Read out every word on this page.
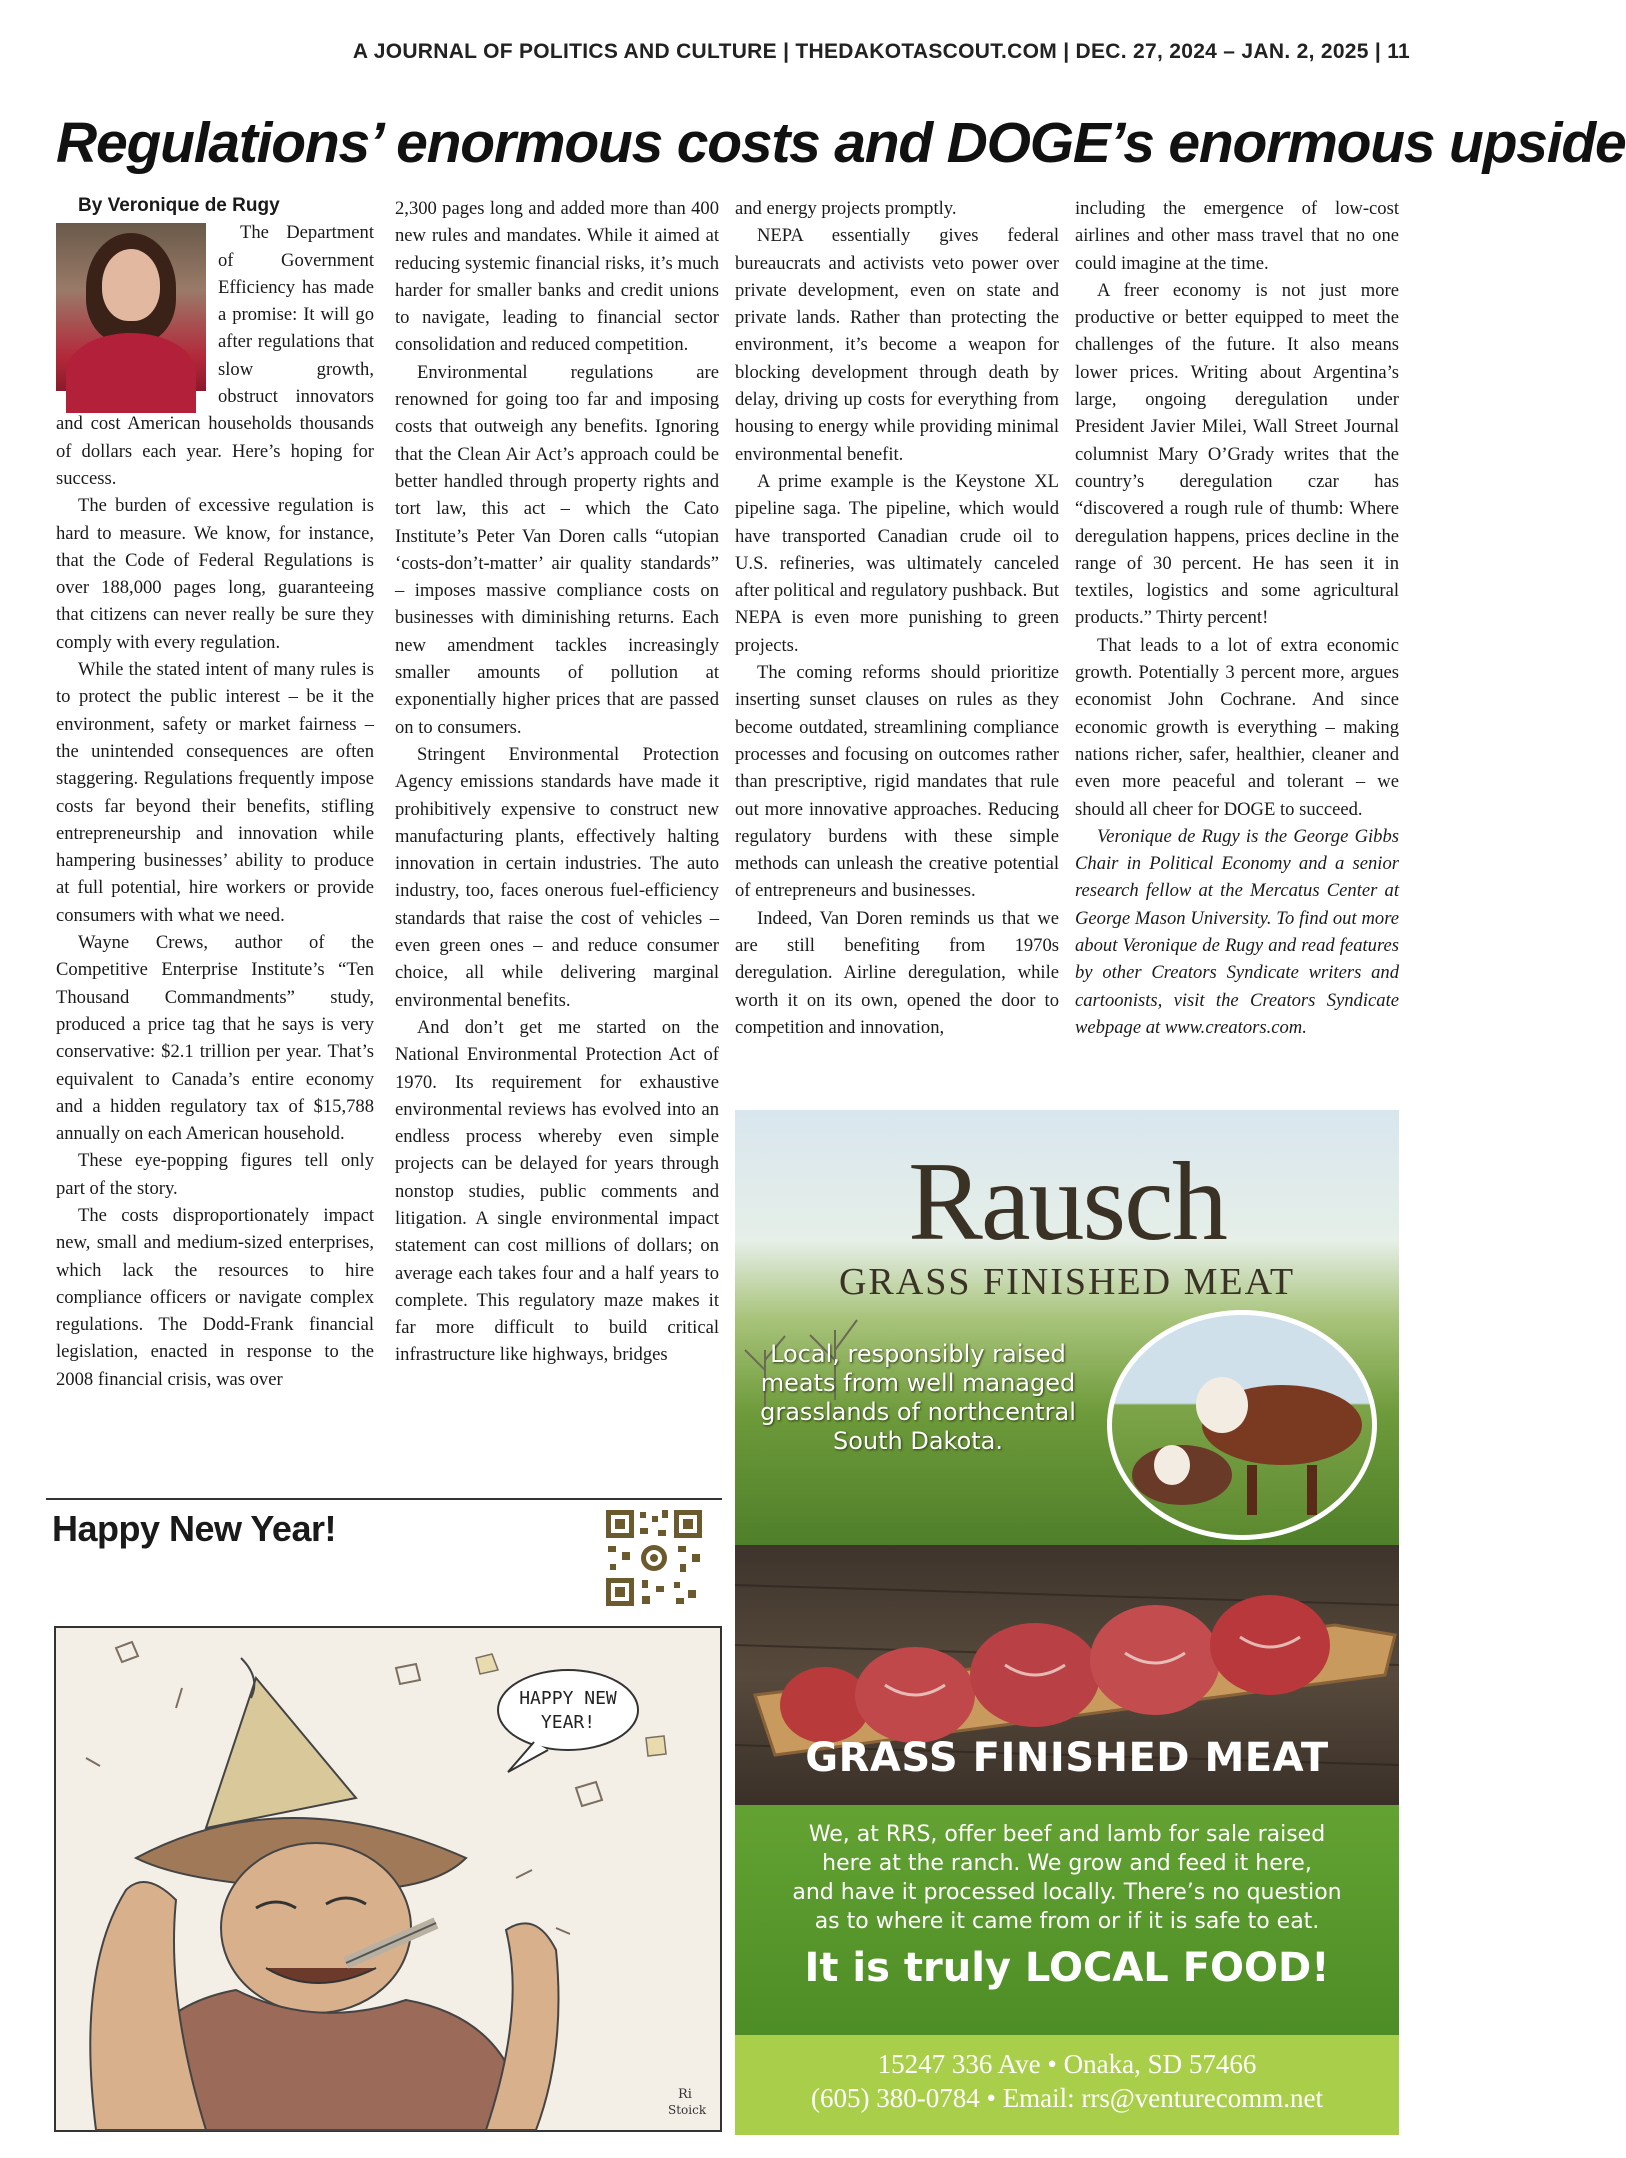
A JOURNAL OF POLITICS AND CULTURE | THEDAKOTASCOUT.COM | DEC. 27, 2024 – JAN. 2, 2025 | 11
Regulations’ enormous costs and DOGE’s enormous upside

By Veronique de Rugy

The Department of Government Efficiency has made a promise: It will go after regulations that slow growth, obstruct innovators and cost American households thousands of dollars each year. Here’s hoping for success.

The burden of excessive regulation is hard to measure. We know, for instance, that the Code of Federal Regulations is over 188,000 pages long, guaranteeing that citizens can never really be sure they comply with every regulation.

While the stated intent of many rules is to protect the public interest – be it the environment, safety or market fairness – the unintended consequences are often staggering. Regulations frequently impose costs far beyond their benefits, stifling entrepreneurship and innovation while hampering businesses’ ability to produce at full potential, hire workers or provide consumers with what we need.

Wayne Crews, author of the Competitive Enterprise Institute’s “Ten Thousand Commandments” study, produced a price tag that he says is very conservative: $2.1 trillion per year. That’s equivalent to Canada’s entire economy and a hidden regulatory tax of $15,788 annually on each American household.

These eye-popping figures tell only part of the story.

The costs disproportionately impact new, small and medium-sized enterprises, which lack the resources to hire compliance officers or navigate complex regulations. The Dodd-Frank financial legislation, enacted in response to the 2008 financial crisis, was over

2,300 pages long and added more than 400 new rules and mandates. While it aimed at reducing systemic financial risks, it’s much harder for smaller banks and credit unions to navigate, leading to financial sector consolidation and reduced competition.

Environmental regulations are renowned for going too far and imposing costs that outweigh any benefits. Ignoring that the Clean Air Act’s approach could be better handled through property rights and tort law, this act – which the Cato Institute’s Peter Van Doren calls “utopian ‘costs-don’t-matter’ air quality standards” – imposes massive compliance costs on businesses with diminishing returns. Each new amendment tackles increasingly smaller amounts of pollution at exponentially higher prices that are passed on to consumers.

Stringent Environmental Protection Agency emissions standards have made it prohibitively expensive to construct new manufacturing plants, effectively halting innovation in certain industries. The auto industry, too, faces onerous fuel-efficiency standards that raise the cost of vehicles – even green ones – and reduce consumer choice, all while delivering marginal environmental benefits.

And don’t get me started on the National Environmental Protection Act of 1970. Its requirement for exhaustive environmental reviews has evolved into an endless process whereby even simple projects can be delayed for years through nonstop studies, public comments and litigation. A single environmental impact statement can cost millions of dollars; on average each takes four and a half years to complete. This regulatory maze makes it far more difficult to build critical infrastructure like highways, bridges

and energy projects promptly.

NEPA essentially gives federal bureaucrats and activists veto power over private development, even on state and private lands. Rather than protecting the environment, it’s become a weapon for blocking development through death by delay, driving up costs for everything from housing to energy while providing minimal environmental benefit.

A prime example is the Keystone XL pipeline saga. The pipeline, which would have transported Canadian crude oil to U.S. refineries, was ultimately canceled after political and regulatory pushback. But NEPA is even more punishing to green projects.

The coming reforms should prioritize inserting sunset clauses on rules as they become outdated, streamlining compliance processes and focusing on outcomes rather than prescriptive, rigid mandates that rule out more innovative approaches. Reducing regulatory burdens with these simple methods can unleash the creative potential of entrepreneurs and businesses.

Indeed, Van Doren reminds us that we are still benefiting from 1970s deregulation. Airline deregulation, while worth it on its own, opened the door to competition and innovation,

including the emergence of low-cost airlines and other mass travel that no one could imagine at the time.

A freer economy is not just more productive or better equipped to meet the challenges of the future. It also means lower prices. Writing about Argentina’s large, ongoing deregulation under President Javier Milei, Wall Street Journal columnist Mary O’Grady writes that the country’s deregulation czar has “discovered a rough rule of thumb: Where deregulation happens, prices decline in the range of 30 percent. He has seen it in textiles, logistics and some agricultural products.” Thirty percent!

That leads to a lot of extra economic growth. Potentially 3 percent more, argues economist John Cochrane. And since economic growth is everything – making nations richer, safer, healthier, cleaner and even more peaceful and tolerant – we should all cheer for DOGE to succeed.

Veronique de Rugy is the George Gibbs Chair in Political Economy and a senior research fellow at the Mercatus Center at George Mason University. To find out more about Veronique de Rugy and read features by other Creators Syndicate writers and cartoonists, visit the Creators Syndicate webpage at www.creators.com.

Happy New Year!
HAPPY NEW
YEAR!
Ri
Stoick
Rausch
GRASS FINISHED MEAT
Local, responsibly raised
meats from well managed
grasslands of northcentral
South Dakota.
GRASS FINISHED MEAT
We, at RRS, offer beef and lamb for sale raised
here at the ranch. We grow and feed it here,
and have it processed locally. There’s no question
as to where it came from or if it is safe to eat.
It is truly LOCAL FOOD!
15247 336 Ave • Onaka, SD 57466
(605) 380-0784 • Email: rrs@venturecomm.net
